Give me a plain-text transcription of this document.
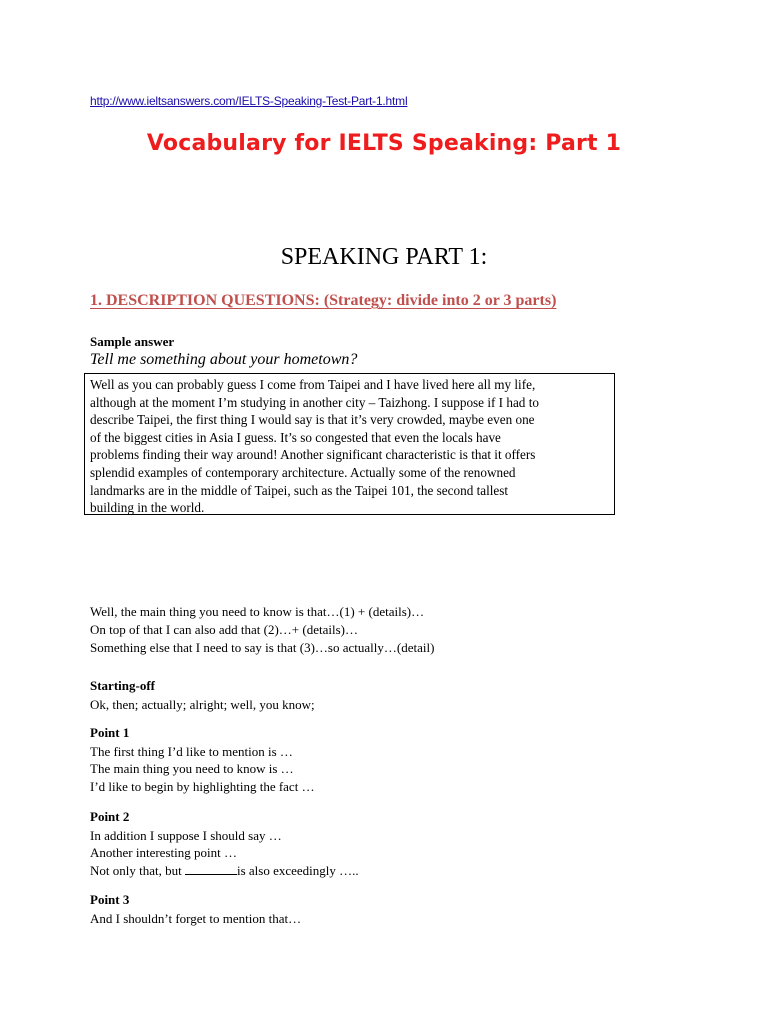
http://www.ieltsanswers.com/IELTS-Speaking-Test-Part-1.html
Vocabulary for IELTS Speaking: Part 1
SPEAKING PART 1:
1. DESCRIPTION QUESTIONS: (Strategy: divide into 2 or 3 parts)
Sample answer
Tell me something about your hometown?
Well as you can probably guess I come from Taipei and I have lived here all my life,
although at the moment I’m studying in another city – Taizhong. I suppose if I had to
describe Taipei, the first thing I would say is that it’s very crowded, maybe even one
of the biggest cities in Asia I guess. It’s so congested that even the locals have
problems finding their way around! Another significant characteristic is that it offers
splendid examples of contemporary architecture. Actually some of the renowned
landmarks are in the middle of Taipei, such as the Taipei 101, the second tallest
building in the world.
Well, the main thing you need to know is that…(1) + (details)…
On top of that I can also add that (2)…+ (details)…
Something else that I need to say is that (3)…so actually…(detail)
Starting-off
Ok, then; actually; alright; well, you know;
Point 1
The first thing I’d like to mention is …
The main thing you need to know is …
I’d like to begin by highlighting the fact …
Point 2
In addition I suppose I should say …
Another interesting point …
Not only that, but	is also exceedingly …..
Point 3
And I shouldn’t forget to mention that…
